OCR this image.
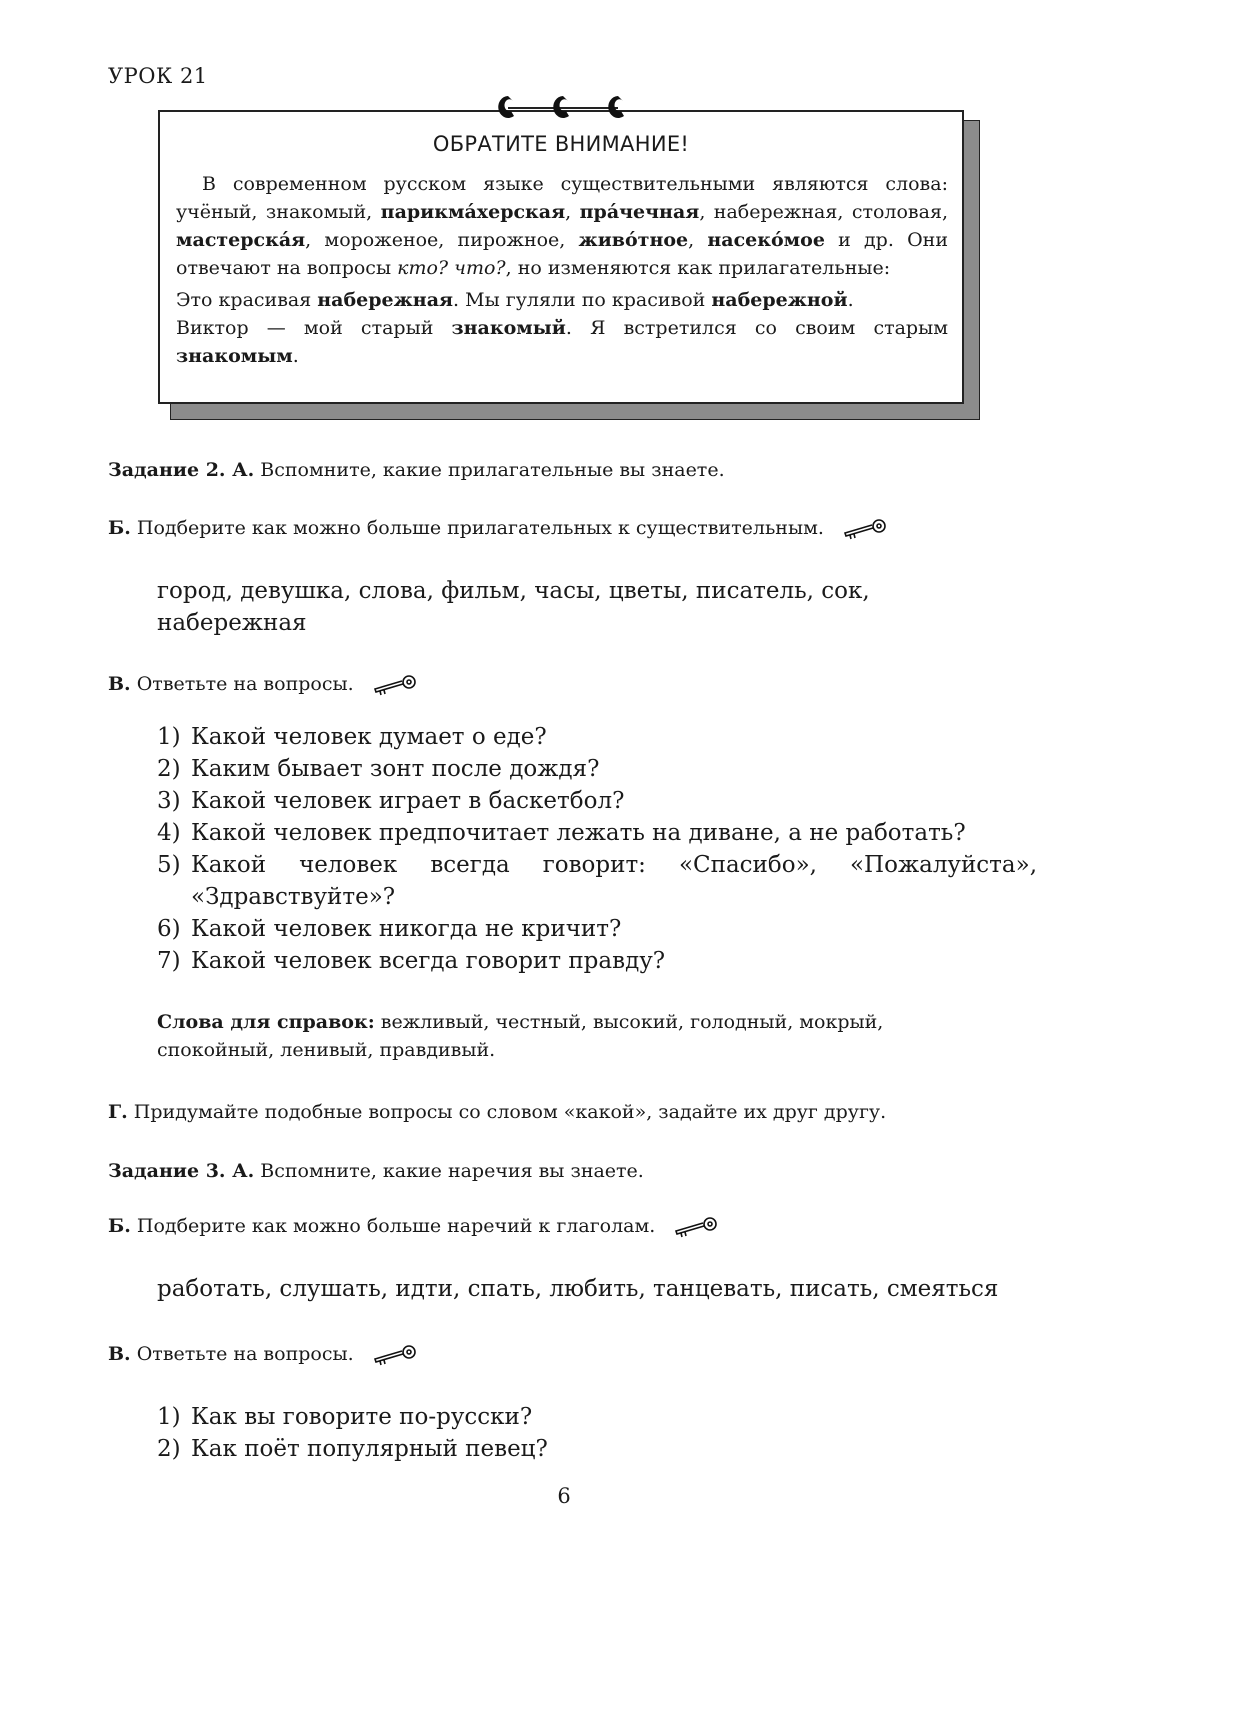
УРОК 21
ОБРАТИТЕ ВНИМАНИЕ!

В современном русском языке существительными являются слова: учёный, знакомый, парикма́херская, пра́чечная, набережная, столовая, мастерска́я, мороженое, пирожное, живо́тное, насеко́мое и др. Они отвечают на вопросы кто? что?, но изменяются как прилагательные:

Это красивая набережная. Мы гуляли по красивой набережной.

Виктор — мой старый знакомый. Я встретился со своим старым знакомым.

Задание 2. А. Вспомните, какие прилагательные вы знаете.
Б. Подберите как можно больше прилагательных к существительным.
город, девушка, слова, фильм, часы, цветы, писатель, сок, набережная
В. Ответьте на вопросы.
1) Какой человек думает о еде?
2) Каким бывает зонт после дождя?
3) Какой человек играет в баскетбол?
4) Какой человек предпочитает лежать на диване, а не работать?
5) Какой человек всегда говорит: «Спасибо», «Пожалуйста», «Здравствуйте»?
6) Какой человек никогда не кричит?
7) Какой человек всегда говорит правду?
Слова для справок: вежливый, честный, высокий, голодный, мокрый, спокойный, ленивый, правдивый.
Г. Придумайте подобные вопросы со словом «какой», задайте их друг другу.
Задание 3. А. Вспомните, какие наречия вы знаете.
Б. Подберите как можно больше наречий к глаголам.
работать, слушать, идти, спать, любить, танцевать, писать, смеяться
В. Ответьте на вопросы.
1) Как вы говорите по-русски?
2) Как поёт популярный певец?
6
